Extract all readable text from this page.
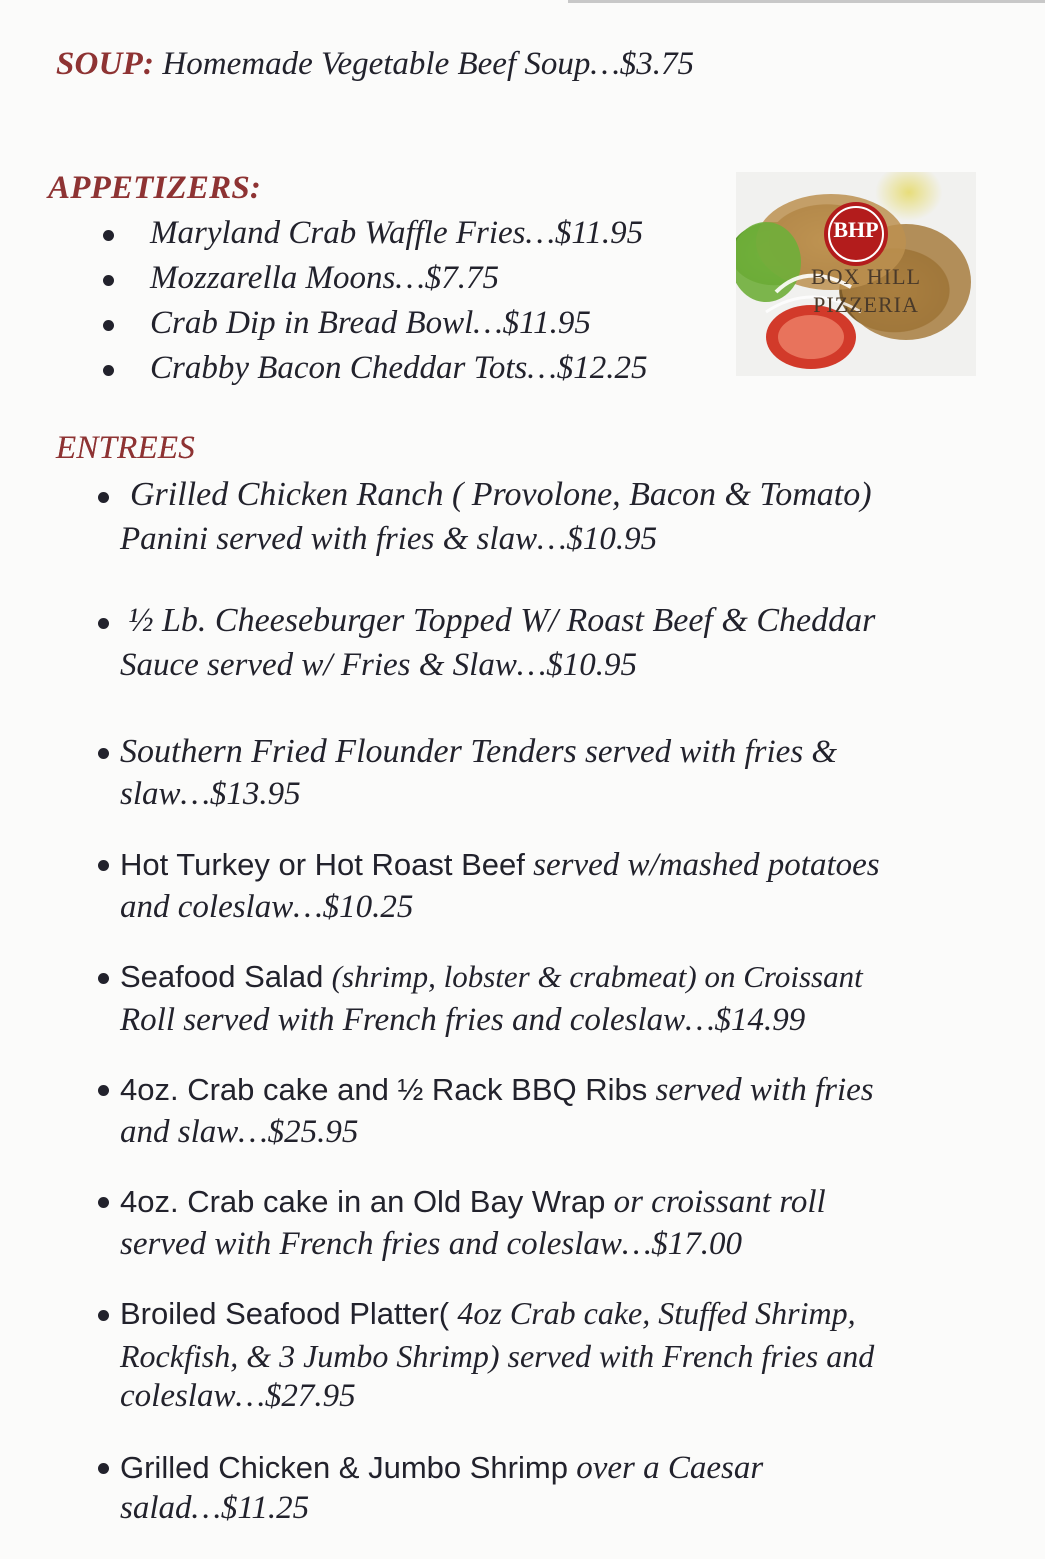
SOUP: Homemade Vegetable Beef Soup…$3.75

APPETIZERS:

Maryland Crab Waffle Fries…$11.95

Mozzarella Moons…$7.75

Crab Dip in Bread Bowl…$11.95

Crabby Bacon Cheddar Tots…$12.25

BHP
BOX HILL
PIZZERIA
ENTREES

Grilled Chicken Ranch ( Provolone, Bacon & Tomato)

Panini served with fries & slaw…$10.95

½ Lb. Cheeseburger Topped W/ Roast Beef & Cheddar

Sauce served w/ Fries & Slaw…$10.95

Southern Fried Flounder Tenders served with fries &

slaw…$13.95

Hot Turkey or Hot Roast Beef served w/mashed potatoes

and coleslaw…$10.25

Seafood Salad (shrimp, lobster & crabmeat) on Croissant

Roll served with French fries and coleslaw…$14.99

4oz. Crab cake and ½ Rack BBQ Ribs served with fries

and slaw…$25.95

4oz. Crab cake in an Old Bay Wrap or croissant roll

served with French fries and coleslaw…$17.00

Broiled Seafood Platter( 4oz Crab cake, Stuffed Shrimp,

Rockfish, & 3 Jumbo Shrimp) served with French fries and

coleslaw…$27.95

Grilled Chicken & Jumbo Shrimp over a Caesar

salad…$11.25
